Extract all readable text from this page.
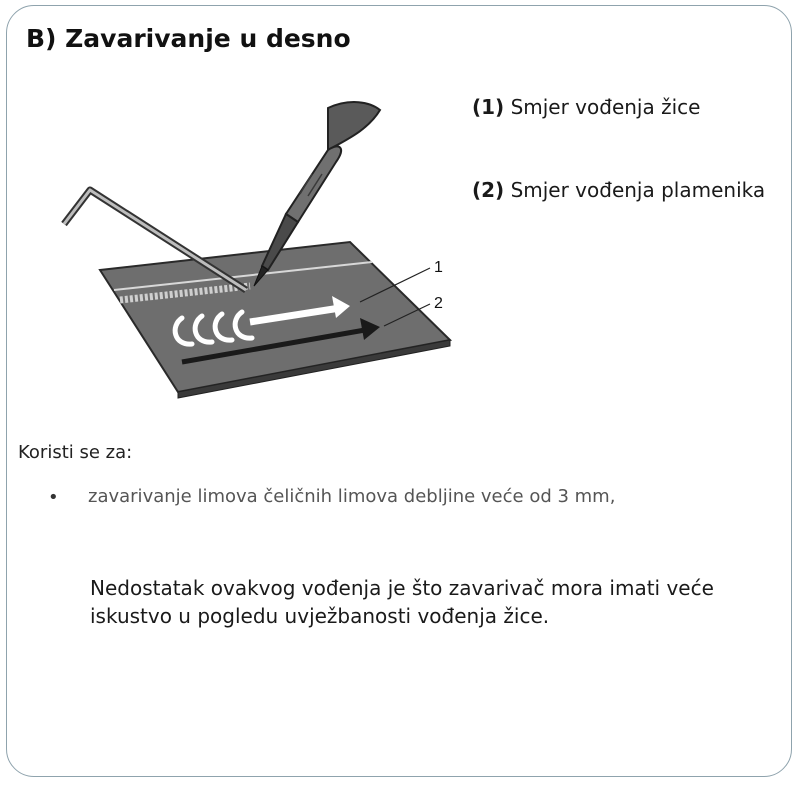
B) Zavarivanje u desno
1
2
(1) Smjer vođenja žice
(2) Smjer vođenja plamenika
Koristi se za:
• zavarivanje limova čeličnih limova debljine veće od 3 mm,
Nedostatak ovakvog vođenja je što zavarivač mora imati veće iskustvo u pogledu uvježbanosti vođenja žice.
